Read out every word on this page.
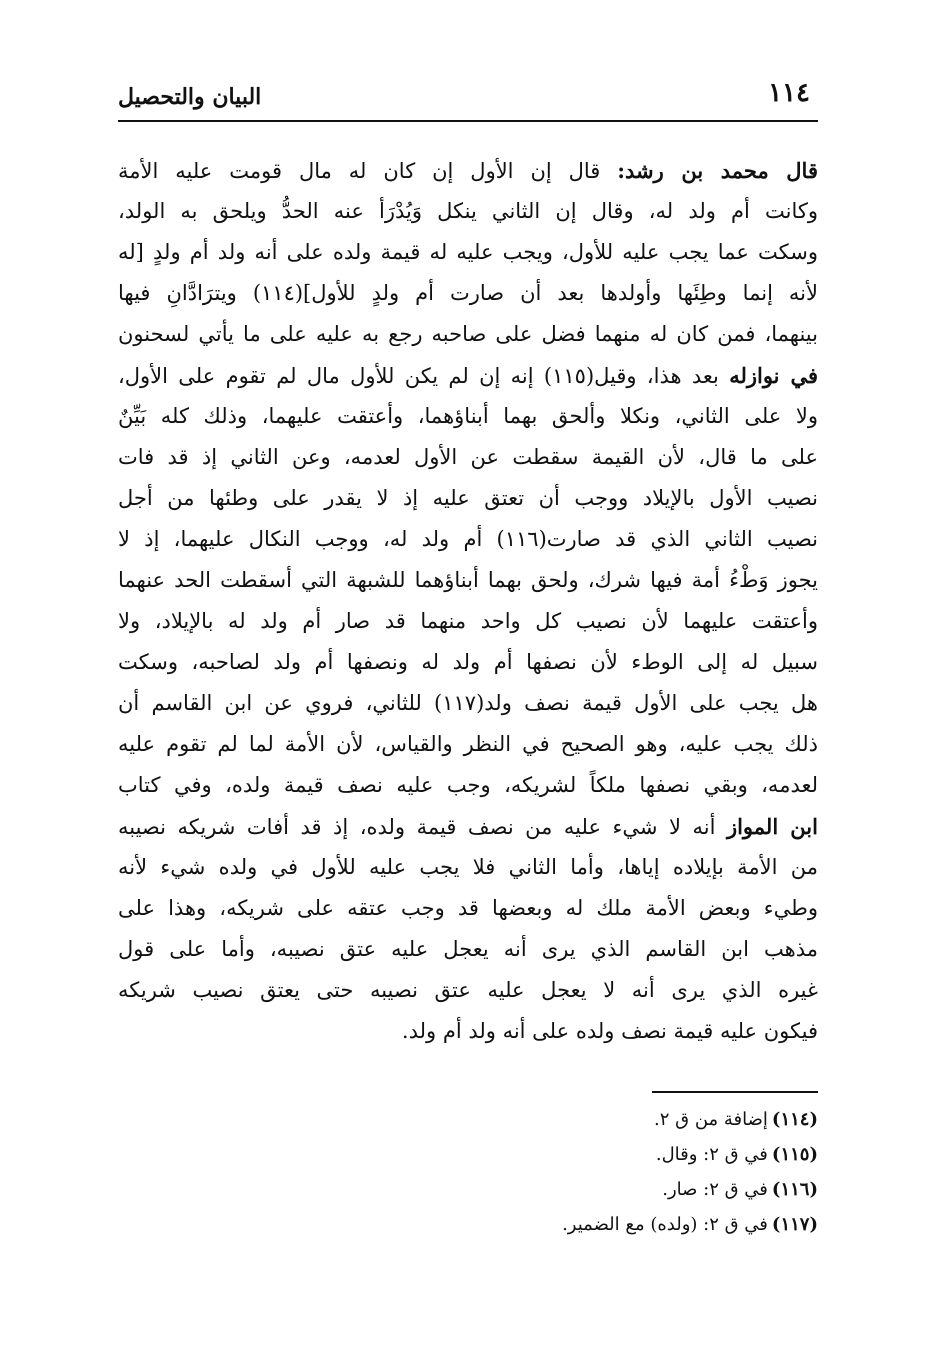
١١٤
البيان والتحصيل
قال محمد بن رشد: قال إن الأول إن كان له مال قومت عليه الأمة
وكانت أم ولد له، وقال إن الثاني ينكل وَيُدْرَأ عنه الحدُّ ويلحق به الولد،
وسكت عما يجب عليه للأول، ويجب عليه له قيمة ولده على أنه ولد أم ولدٍ [له
لأنه إنما وطِئَها وأولدها بعد أن صارت أم ولدٍ للأول](١١٤) ويترَادَّانِ فيها
بينهما، فمن كان له منهما فضل على صاحبه رجع به عليه على ما يأتي لسحنون
في نوازله بعد هذا، وقيل(١١٥) إنه إن لم يكن للأول مال لم تقوم على الأول،
ولا على الثاني، ونكلا وألحق بهما أبناؤهما، وأعتقت عليهما، وذلك كله بَيِّنٌ
على ما قال، لأن القيمة سقطت عن الأول لعدمه، وعن الثاني إذ قد فات
نصيب الأول بالإيلاد ووجب أن تعتق عليه إذ لا يقدر على وطئها من أجل
نصيب الثاني الذي قد صارت(١١٦) أم ولد له، ووجب النكال عليهما، إذ لا
يجوز وَطْءُ أمة فيها شرك، ولحق بهما أبناؤهما للشبهة التي أسقطت الحد عنهما
وأعتقت عليهما لأن نصيب كل واحد منهما قد صار أم ولد له بالإيلاد، ولا
سبيل له إلى الوطء لأن نصفها أم ولد له ونصفها أم ولد لصاحبه، وسكت
هل يجب على الأول قيمة نصف ولد(١١٧) للثاني، فروي عن ابن القاسم أن
ذلك يجب عليه، وهو الصحيح في النظر والقياس، لأن الأمة لما لم تقوم عليه
لعدمه، وبقي نصفها ملكاً لشريكه، وجب عليه نصف قيمة ولده، وفي كتاب
ابن المواز أنه لا شيء عليه من نصف قيمة ولده، إذ قد أفات شريكه نصيبه
من الأمة بإيلاده إياها، وأما الثاني فلا يجب عليه للأول في ولده شيء لأنه
وطيء وبعض الأمة ملك له وبعضها قد وجب عتقه على شريكه، وهذا على
مذهب ابن القاسم الذي يرى أنه يعجل عليه عتق نصيبه، وأما على قول
غيره الذي يرى أنه لا يعجل عليه عتق نصيبه حتى يعتق نصيب شريكه
فيكون عليه قيمة نصف ولده على أنه ولد أم ولد.
(١١٤)إضافة من ق ٢.
(١١٥)في ق ٢: وقال.
(١١٦)في ق ٢: صار.
(١١٧)في ق ٢: (ولده) مع الضمير.
